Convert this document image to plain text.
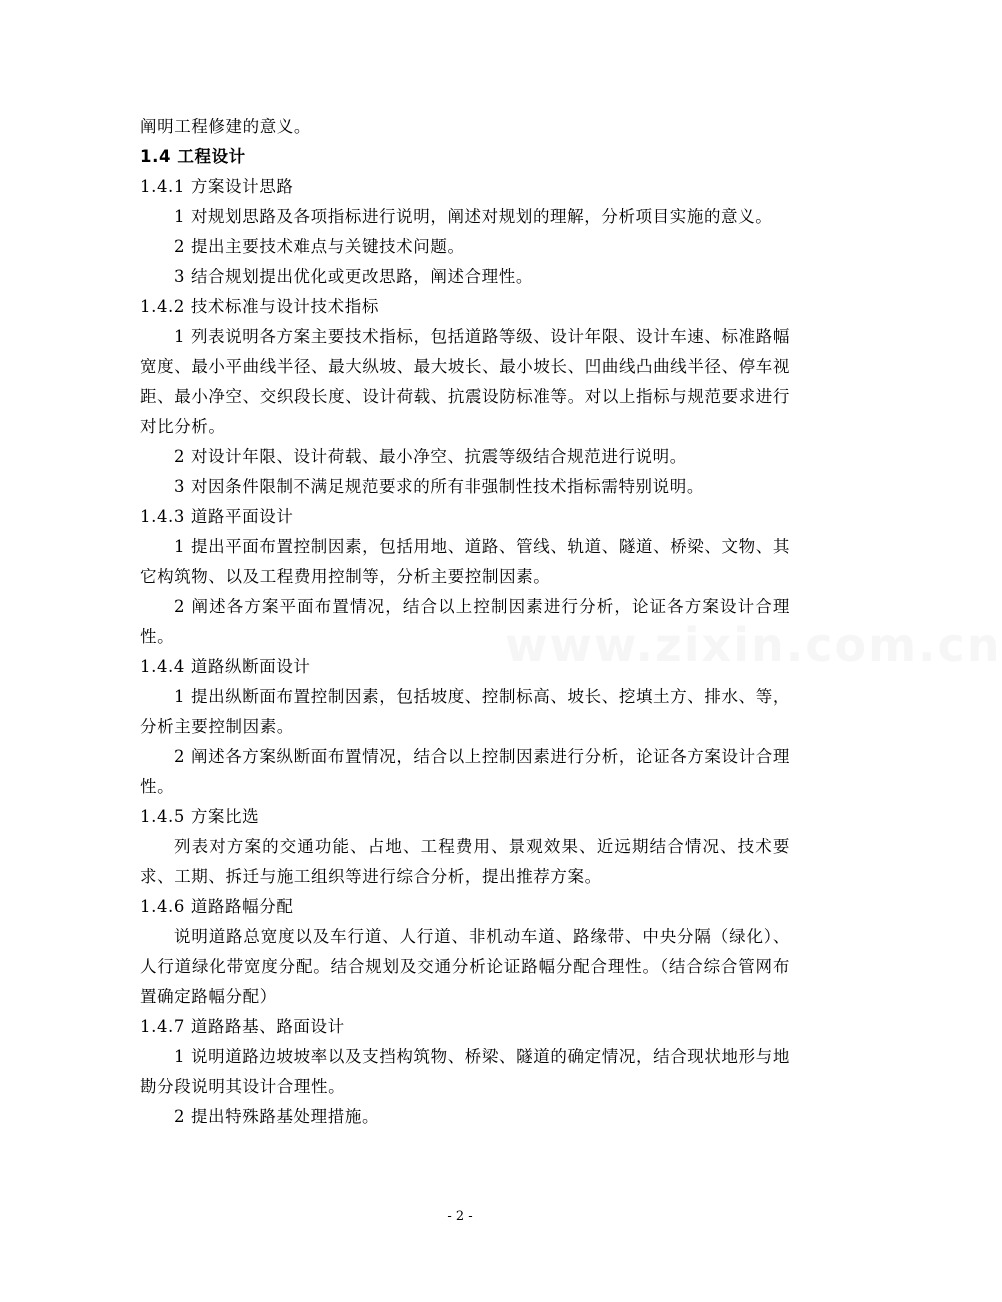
阐明工程修建的意义。

1.4 工程设计

1.4.1 方案设计思路

1 对规划思路及各项指标进行说明，阐述对规划的理解，分析项目实施的意义。

2 提出主要技术难点与关键技术问题。

3 结合规划提出优化或更改思路，阐述合理性。

1.4.2 技术标准与设计技术指标

1 列表说明各方案主要技术指标，包括道路等级、设计年限、设计车速、标准路幅宽度、最小平曲线半径、最大纵坡、最大坡长、最小坡长、凹曲线凸曲线半径、停车视距、最小净空、交织段长度、设计荷载、抗震设防标准等。对以上指标与规范要求进行对比分析。

2 对设计年限、设计荷载、最小净空、抗震等级结合规范进行说明。

3 对因条件限制不满足规范要求的所有非强制性技术指标需特别说明。

1.4.3 道路平面设计

1 提出平面布置控制因素，包括用地、道路、管线、轨道、隧道、桥梁、文物、其它构筑物、以及工程费用控制等，分析主要控制因素。

2 阐述各方案平面布置情况，结合以上控制因素进行分析，论证各方案设计合理性。

1.4.4 道路纵断面设计

1 提出纵断面布置控制因素，包括坡度、控制标高、坡长、挖填土方、排水、等，分析主要控制因素。

2 阐述各方案纵断面布置情况，结合以上控制因素进行分析，论证各方案设计合理性。

1.4.5 方案比选

列表对方案的交通功能、占地、工程费用、景观效果、近远期结合情况、技术要求、工期、拆迁与施工组织等进行综合分析，提出推荐方案。

1.4.6 道路路幅分配

说明道路总宽度以及车行道、人行道、非机动车道、路缘带、中央分隔（绿化）、人行道绿化带宽度分配。结合规划及交通分析论证路幅分配合理性。（结合综合管网布置确定路幅分配）

1.4.7 道路路基、路面设计

1 说明道路边坡坡率以及支挡构筑物、桥梁、隧道的确定情况，结合现状地形与地勘分段说明其设计合理性。

2 提出特殊路基处理措施。

www.zixin.com.cn
- 2 -
